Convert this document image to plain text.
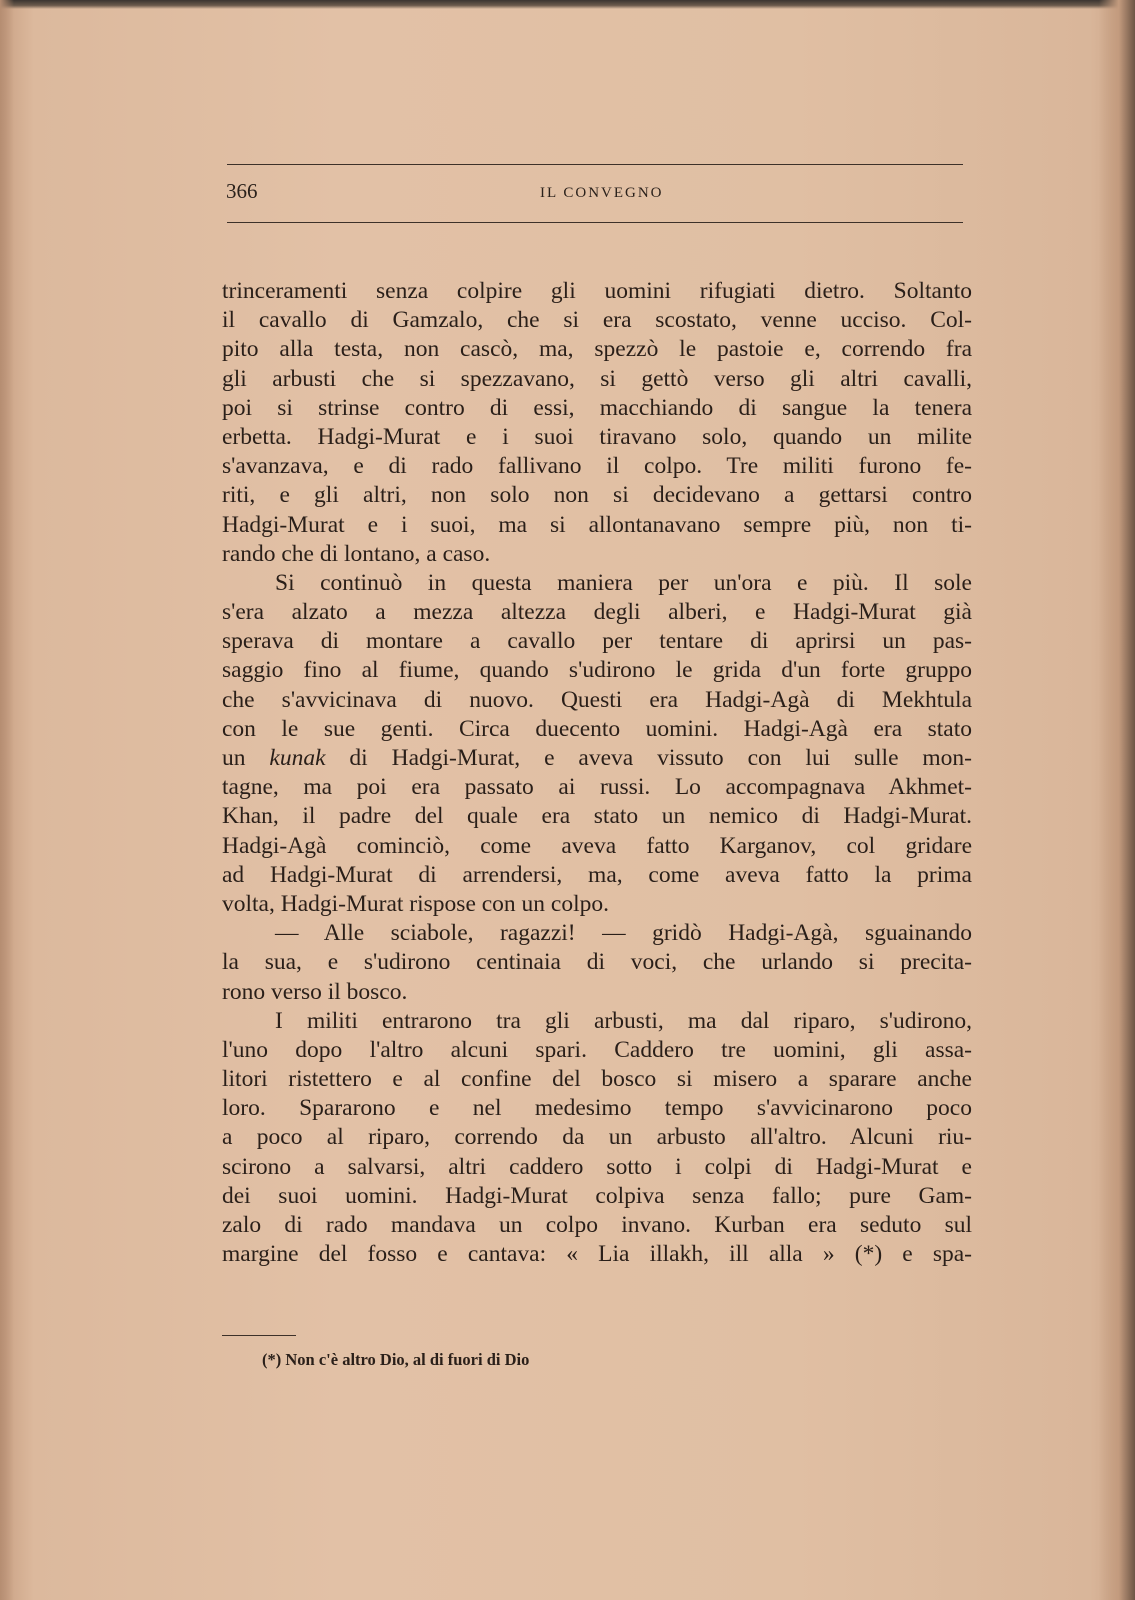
366	IL CONVEGNO
trinceramenti senza colpire gli uomini rifugiati dietro. Soltanto
il cavallo di Gamzalo, che si era scostato, venne ucciso. Col-
pito alla testa, non cascò, ma, spezzò le pastoie e, correndo fra
gli arbusti che si spezzavano, si gettò verso gli altri cavalli,
poi si strinse contro di essi, macchiando di sangue la tenera
erbetta. Hadgi-Murat e i suoi tiravano solo, quando un milite
s'avanzava, e di rado fallivano il colpo. Tre militi furono fe-
riti, e gli altri, non solo non si decidevano a gettarsi contro
Hadgi-Murat e i suoi, ma si allontanavano sempre più, non ti-
rando che di lontano, a caso.
Si continuò in questa maniera per un'ora e più. Il sole
s'era alzato a mezza altezza degli alberi, e Hadgi-Murat già
sperava di montare a cavallo per tentare di aprirsi un pas-
saggio fino al fiume, quando s'udirono le grida d'un forte gruppo
che s'avvicinava di nuovo. Questi era Hadgi-Agà di Mekhtula
con le sue genti. Circa duecento uomini. Hadgi-Agà era stato
un kunak di Hadgi-Murat, e aveva vissuto con lui sulle mon-
tagne, ma poi era passato ai russi. Lo accompagnava Akhmet-
Khan, il padre del quale era stato un nemico di Hadgi-Murat.
Hadgi-Agà cominciò, come aveva fatto Karganov, col gridare
ad Hadgi-Murat di arrendersi, ma, come aveva fatto la prima
volta, Hadgi-Murat rispose con un colpo.
— Alle sciabole, ragazzi! — gridò Hadgi-Agà, sguainando
la sua, e s'udirono centinaia di voci, che urlando si precita-
rono verso il bosco.
I militi entrarono tra gli arbusti, ma dal riparo, s'udirono,
l'uno dopo l'altro alcuni spari. Caddero tre uomini, gli assa-
litori ristettero e al confine del bosco si misero a sparare anche
loro. Spararono e nel medesimo tempo s'avvicinarono poco
a poco al riparo, correndo da un arbusto all'altro. Alcuni riu-
scirono a salvarsi, altri caddero sotto i colpi di Hadgi-Murat e
dei suoi uomini. Hadgi-Murat colpiva senza fallo; pure Gam-
zalo di rado mandava un colpo invano. Kurban era seduto sul
margine del fosso e cantava: « Lia illakh, ill alla » (*) e spa-
(*) Non c'è altro Dio, al di fuori di Dio
